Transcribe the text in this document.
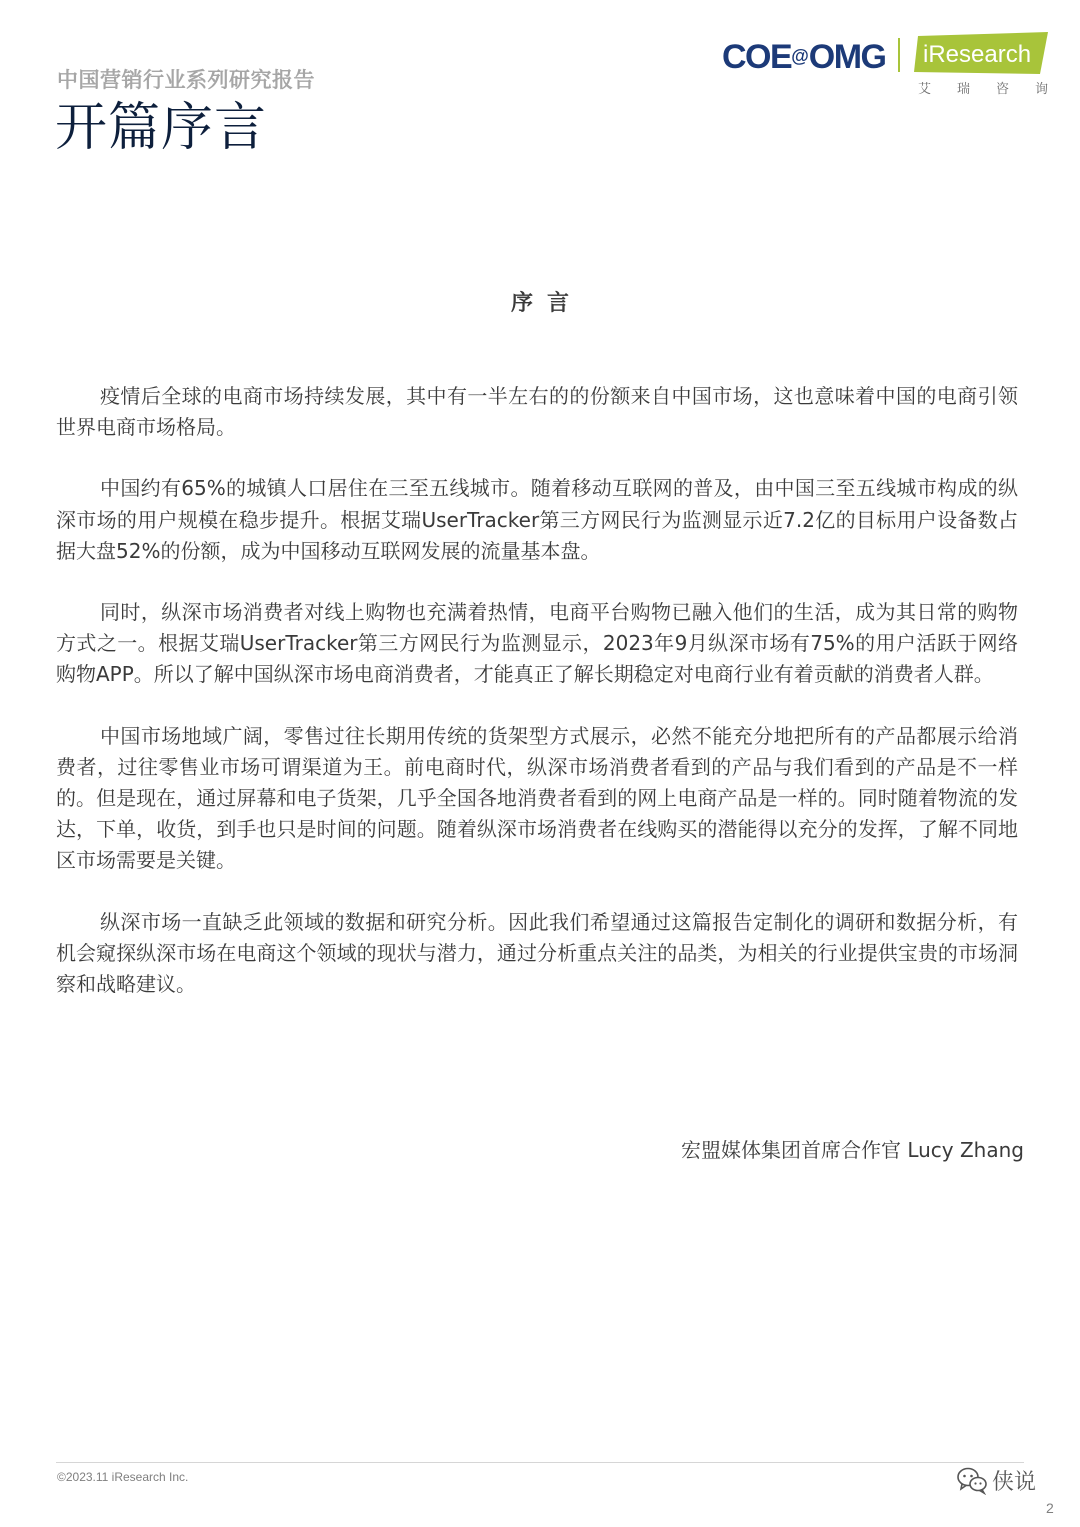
中国营销行业系列研究报告
开篇序言
COE@OMG iResearch
艾瑞咨询
序言

疫情后全球的电商市场持续发展，其中有一半左右的的份额来自中国市场，这也意味着中国的电商引领世界电商市场格局。

中国约有65%的城镇人口居住在三至五线城市。随着移动互联网的普及，由中国三至五线城市构成的纵深市场的用户规模在稳步提升。根据艾瑞UserTracker第三方网民行为监测显示近7.2亿的目标用户设备数占据大盘52%的份额，成为中国移动互联网发展的流量基本盘。

同时，纵深市场消费者对线上购物也充满着热情，电商平台购物已融入他们的生活，成为其日常的购物方式之一。根据艾瑞UserTracker第三方网民行为监测显示，2023年9月纵深市场有75%的用户活跃于网络购物APP。所以了解中国纵深市场电商消费者，才能真正了解长期稳定对电商行业有着贡献的消费者人群。

中国市场地域广阔，零售过往长期用传统的货架型方式展示，必然不能充分地把所有的产品都展示给消费者，过往零售业市场可谓渠道为王。前电商时代，纵深市场消费者看到的产品与我们看到的产品是不一样的。但是现在，通过屏幕和电子货架，几乎全国各地消费者看到的网上电商产品是一样的。同时随着物流的发达，下单，收货，到手也只是时间的问题。随着纵深市场消费者在线购买的潜能得以充分的发挥，了解不同地区市场需要是关键。

纵深市场一直缺乏此领域的数据和研究分析。因此我们希望通过这篇报告定制化的调研和数据分析，有机会窥探纵深市场在电商这个领域的现状与潜力，通过分析重点关注的品类，为相关的行业提供宝贵的市场洞察和战略建议。

宏盟媒体集团首席合作官 Lucy Zhang
©2023.11 iResearch Inc.	侠说
2
